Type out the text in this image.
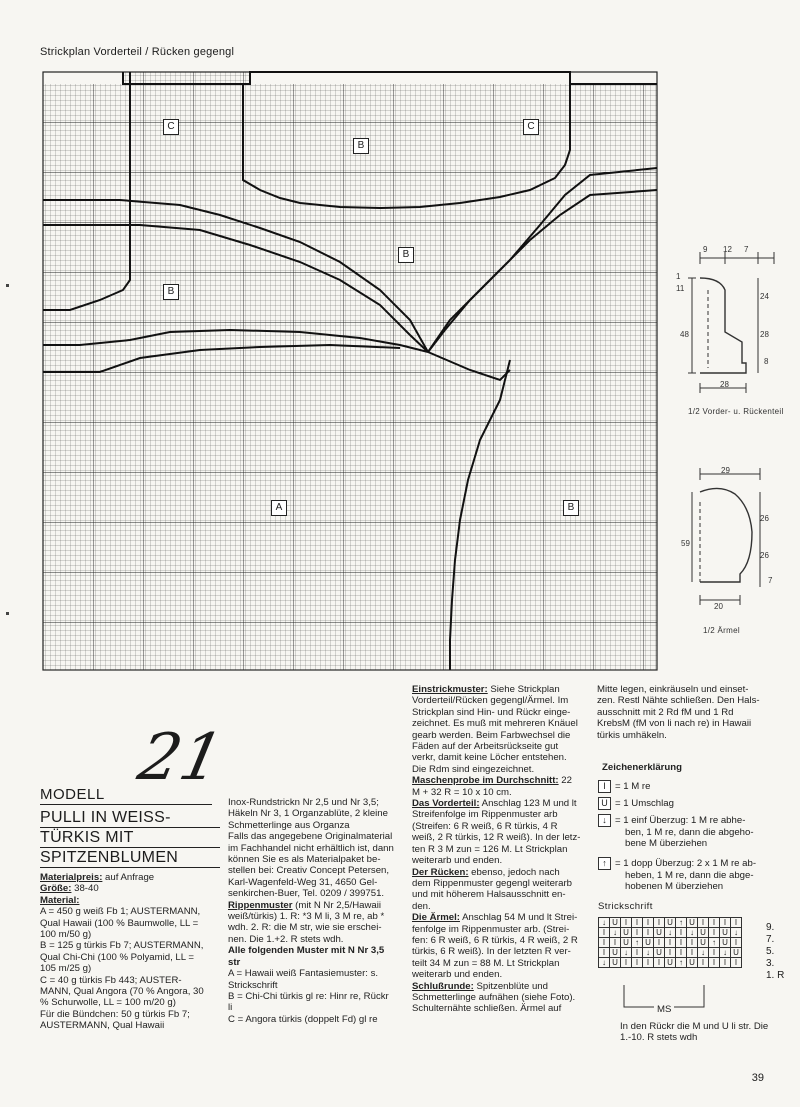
Strickplan Vorderteil / Rücken gegengl
C
B
C
B
B
A	B
9 12 7
1
11
48
24
28
8
28
1/2 Vorder- u. Rückenteil
29
59
26
26
7
20
1/2 Ärmel
21
MODELL
PULLI IN WEISS-
TÜRKIS MIT
SPITZENBLUMEN

Materialpreis: auf Anfrage

Größe: 38-40

Material:

A = 450 g weiß Fb 1; AUSTERMANN,

Qual Hawaii (100 % Baumwolle, LL =

100 m/50 g)

B = 125 g türkis Fb 7; AUSTERMANN,

Qual Chi-Chi (100 % Polyamid, LL =

105 m/25 g)

C = 40 g türkis Fb 443; AUSTER-

MANN, Qual Angora (70 % Angora, 30

% Schurwolle, LL = 100 m/20 g)

Für die Bündchen: 50 g türkis Fb 7;

AUSTERMANN, Qual Hawaii

Inox-Rundstrickn Nr 2,5 und Nr 3,5;

Häkeln Nr 3, 1 Organzablüte, 2 kleine

Schmetterlinge aus Organza

Falls das angegebene Originalmaterial

im Fachhandel nicht erhältlich ist, dann

können Sie es als Materialpaket be-

stellen bei: Creativ Concept Petersen,

Karl-Wagenfeld-Weg 31, 4650 Gel-

senkirchen-Buer, Tel. 0209 / 399751.

Rippenmuster (mit N Nr 2,5/Hawaii

weiß/türkis) 1. R: *3 M li, 3 M re, ab *

wdh. 2. R: die M str, wie sie erschei-

nen. Die 1.+2. R stets wdh.

Alle folgenden Muster mit N Nr 3,5

str

A = Hawaii weiß Fantasiemuster: s.

Strickschrift

B = Chi-Chi türkis gl re: Hinr re, Rückr

li

C = Angora türkis (doppelt Fd) gl re

Einstrickmuster: Siehe Strickplan

Vorderteil/Rücken gegengl/Ärmel. Im

Strickplan sind Hin- und Rückr einge-

zeichnet. Es muß mit mehreren Knäuel

gearb werden. Beim Farbwechsel die

Fäden auf der Arbeitsrückseite gut

verkr, damit keine Löcher entstehen.

Die Rdm sind eingezeichnet.

Maschenprobe im Durchschnitt: 22

M + 32 R = 10 x 10 cm.

Das Vorderteil: Anschlag 123 M und lt

Streifenfolge im Rippenmuster arb

(Streifen: 6 R weiß, 6 R türkis, 4 R

weiß, 2 R türkis, 12 R weiß). In der letz-

ten R 3 M zun = 126 M. Lt Strickplan

weiterarb und enden.

Der Rücken: ebenso, jedoch nach

dem Rippenmuster gegengl weiterarb

und mit höherem Halsausschnitt en-

den.

Die Ärmel: Anschlag 54 M und lt Strei-

fenfolge im Rippenmuster arb. (Strei-

fen: 6 R weiß, 6 R türkis, 4 R weiß, 2 R

türkis, 6 R weiß). In der letzten R ver-

teilt 34 M zun = 88 M. Lt Strickplan

weiterarb und enden.

Schlußrunde: Spitzenblüte und

Schmetterlinge aufnähen (siehe Foto).

Schulternähte schließen. Ärmel auf

Mitte legen, einkräuseln und einset-

zen. Restl Nähte schließen. Den Hals-

ausschnitt mit 2 Rd fM und 1 Rd

KrebsM (fM von li nach re) in Hawaii

türkis umhäkeln.

Zeichenerklärung
I = 1 M re
U = 1 Umschlag
↓ = 1 einf Überzug: 1 M re abhe-
ben, 1 M re, dann die abgeho-
bene M überziehen
↑ = 1 dopp Überzug: 2 x 1 M re ab-
heben, 1 M re, dann die abge-
hobenen M überziehen
Strickschrift
↓	U	I	I	I	I	U	↑	U	I	I	I	I
I	↓	U	I	I	U	↓	I	↓	U	I	U	↓
I	I	U	↑	U	I	I	I	I	U	↑	U	I
I	U	↓	I	↓	U	I	I	I	↓	I	↓	U
↓	U	I	I	I	I	U	↑	U	I	I	I	I
9.
7.
5.
3.
1. R
MS

In den Rückr die M und U li str. Die

1.-10. R stets wdh

39
